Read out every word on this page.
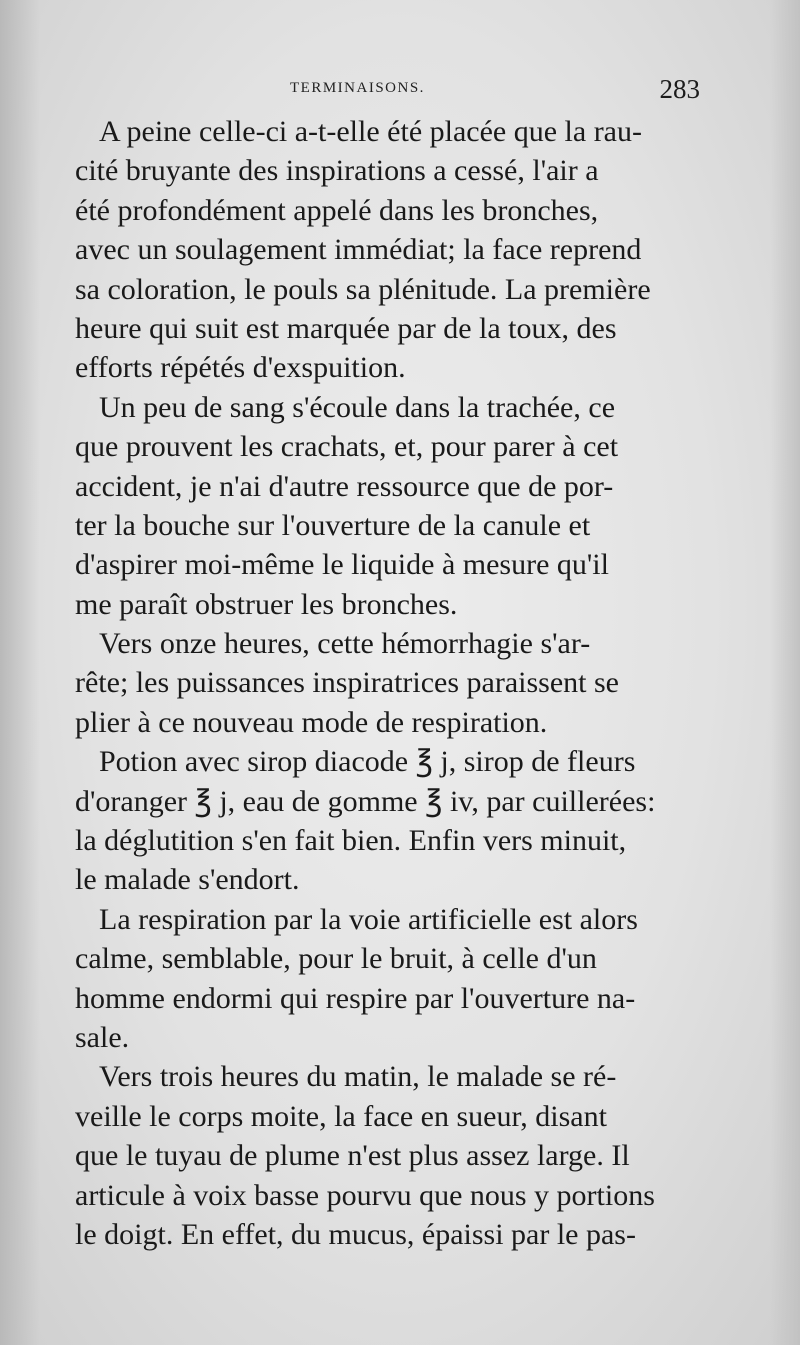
TERMINAISONS.	283
A peine celle-ci a-t-elle été placée que la rau-
cité bruyante des inspirations a cessé, l'air a
été profondément appelé dans les bronches,
avec un soulagement immédiat; la face reprend
sa coloration, le pouls sa plénitude. La première
heure qui suit est marquée par de la toux, des
efforts répétés d'exspuition.
Un peu de sang s'écoule dans la trachée, ce
que prouvent les crachats, et, pour parer à cet
accident, je n'ai d'autre ressource que de por-
ter la bouche sur l'ouverture de la canule et
d'aspirer moi-même le liquide à mesure qu'il
me paraît obstruer les bronches.
Vers onze heures, cette hémorrhagie s'ar-
rête; les puissances inspiratrices paraissent se
plier à ce nouveau mode de respiration.
Potion avec sirop diacode ℥ j, sirop de fleurs
d'oranger ℥ j, eau de gomme ℥ iv, par cuillerées:
la déglutition s'en fait bien. Enfin vers minuit,
le malade s'endort.
La respiration par la voie artificielle est alors
calme, semblable, pour le bruit, à celle d'un
homme endormi qui respire par l'ouverture na-
sale.
Vers trois heures du matin, le malade se ré-
veille le corps moite, la face en sueur, disant
que le tuyau de plume n'est plus assez large. Il
articule à voix basse pourvu que nous y portions
le doigt. En effet, du mucus, épaissi par le pas-
